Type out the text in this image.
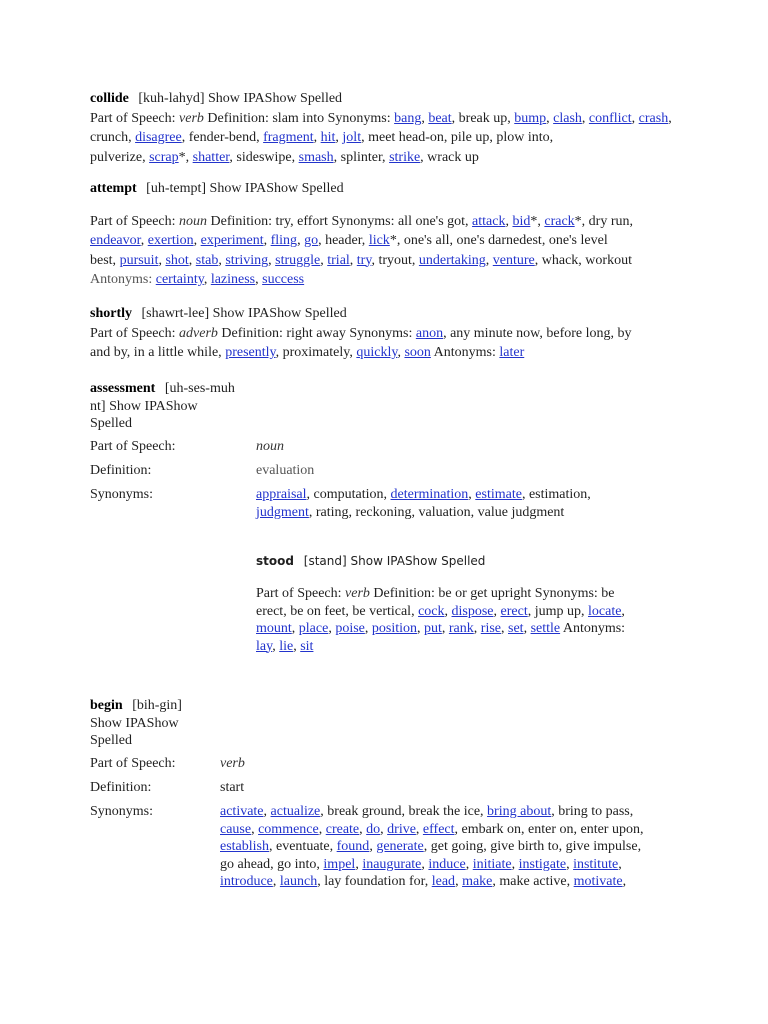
collide [kuh-lahyd] Show IPAShow Spelled
Part of Speech: verb Definition: slam into Synonyms: bang, beat, break up, bump, clash, conflict, crash, crunch, disagree, fender-bend, fragment, hit, jolt, meet head-on, pile up, plow into,
pulverize, scrap*, shatter, sideswipe, smash, splinter, strike, wrack up
attempt [uh-tempt] Show IPAShow Spelled
Part of Speech: noun Definition: try, effort Synonyms: all one's got, attack, bid*, crack*, dry run,
endeavor, exertion, experiment, fling, go, header, lick*, one's all, one's darnedest, one's level
best, pursuit, shot, stab, striving, struggle, trial, try, tryout, undertaking, venture, whack, workout
Antonyms: certainty, laziness, success
shortly [shawrt-lee] Show IPAShow Spelled
Part of Speech: adverb Definition: right away Synonyms: anon, any minute now, before long, by
and by, in a little while, presently, proximately, quickly, soon Antonyms: later
assessment [uh-ses-muh nt] Show IPAShow Spelled
Part of Speech:	noun
Definition:	evaluation
Synonyms:	appraisal, computation, determination, estimate, estimation,
judgment, rating, reckoning, valuation, value judgment
stood [stand] Show IPAShow Spelled
Part of Speech: verb Definition: be or get upright Synonyms: be
erect, be on feet, be vertical, cock, dispose, erect, jump up, locate,
mount, place, poise, position, put, rank, rise, set, settle Antonyms:
lay, lie, sit
begin [bih-gin]
Show IPAShow
Spelled
Part of Speech:	verb
Definition:	start
Synonyms:	activate, actualize, break ground, break the ice, bring about, bring to pass,
cause, commence, create, do, drive, effect, embark on, enter on, enter upon,
establish, eventuate, found, generate, get going, give birth to, give impulse,
go ahead, go into, impel, inaugurate, induce, initiate, instigate, institute,
introduce, launch, lay foundation for, lead, make, make active, motivate,
